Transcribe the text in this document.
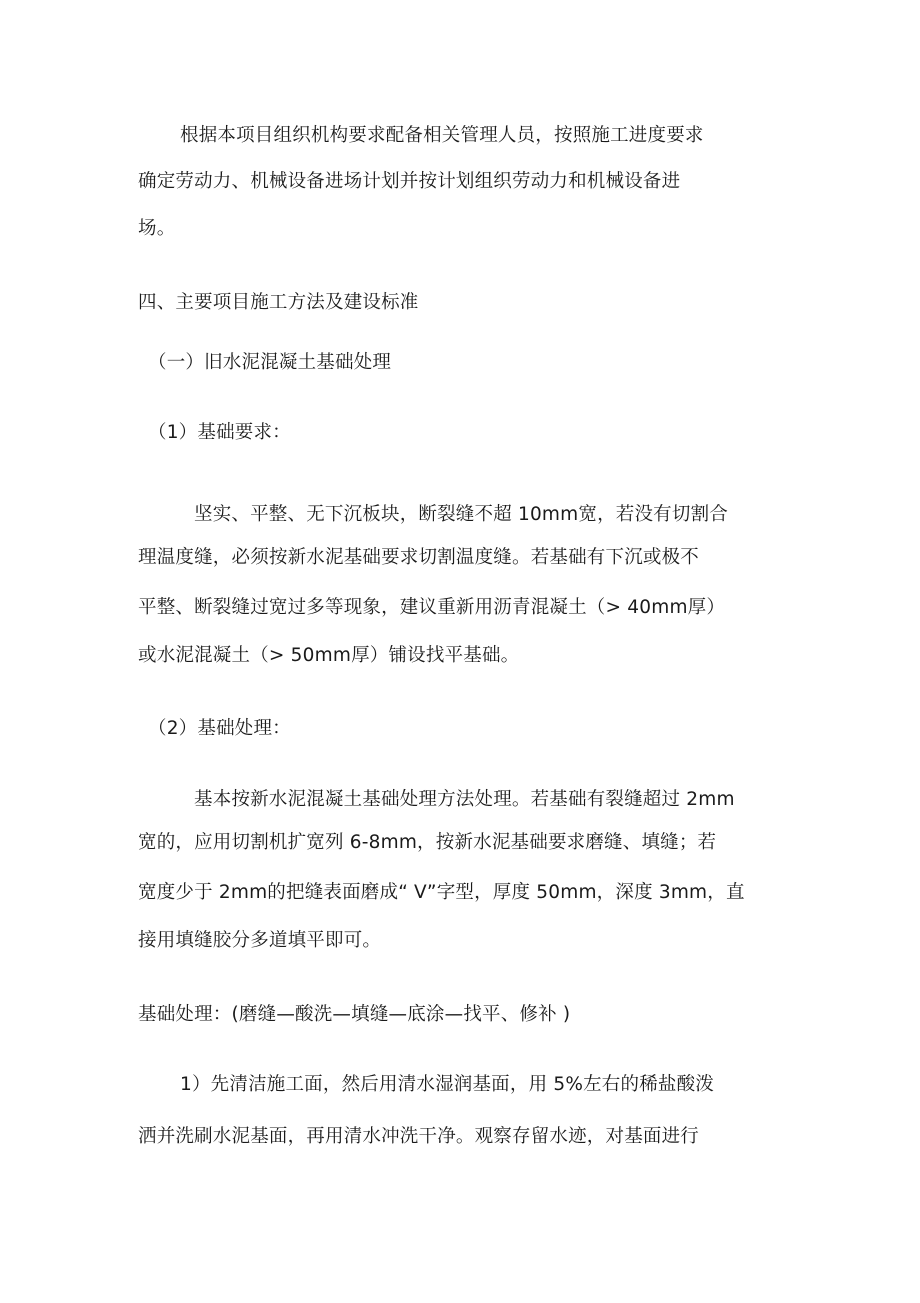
根据本项目组织机构要求配备相关管理人员，按照施工进度要求
确定劳动力、机械设备进场计划并按计划组织劳动力和机械设备进
场。
四、主要项目施工方法及建设标准
（一）旧水泥混凝土基础处理
（1）基础要求：
坚实、平整、无下沉板块，断裂缝不超 10mm宽，若没有切割合
理温度缝，必须按新水泥基础要求切割温度缝。若基础有下沉或极不
平整、断裂缝过宽过多等现象，建议重新用沥青混凝土（> 40mm厚）
或水泥混凝土（> 50mm厚）铺设找平基础。
（2）基础处理：
基本按新水泥混凝土基础处理方法处理。若基础有裂缝超过 2mm
宽的，应用切割机扩宽列 6-8mm，按新水泥基础要求磨缝、填缝；若
宽度少于 2mm的把缝表面磨成“ V”字型，厚度 50mm，深度 3mm，直
接用填缝胶分多道填平即可。
基础处理：(磨缝—酸洗—填缝—底涂—找平、修补 )
1）先清洁施工面，然后用清水湿润基面，用 5%左右的稀盐酸泼
洒并洗刷水泥基面，再用清水冲洗干净。观察存留水迹，对基面进行
